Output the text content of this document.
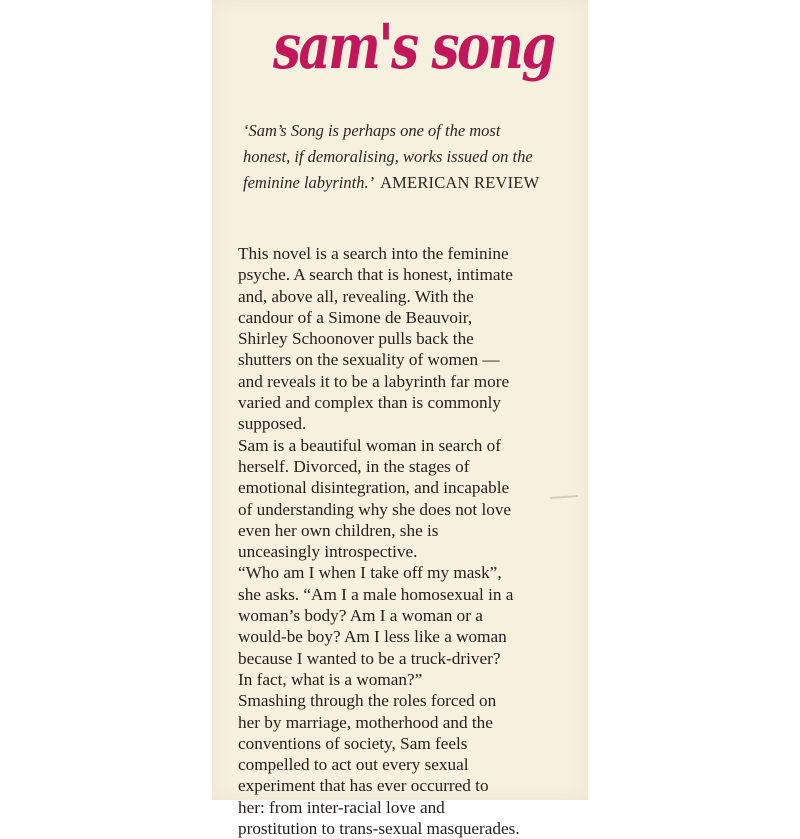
sam's song
‘Sam’s Song is perhaps one of the most
honest, if demoralising, works issued on the
feminine labyrinth.’ AMERICAN REVIEW
This novel is a search into the feminine
psyche. A search that is honest, intimate
and, above all, revealing. With the
candour of a Simone de Beauvoir,
Shirley Schoonover pulls back the
shutters on the sexuality of women —
and reveals it to be a labyrinth far more
varied and complex than is commonly
supposed.
Sam is a beautiful woman in search of
herself. Divorced, in the stages of
emotional disintegration, and incapable
of understanding why she does not love
even her own children, she is
unceasingly introspective.
“Who am I when I take off my mask”,
she asks. “Am I a male homosexual in a
woman’s body? Am I a woman or a
would-be boy? Am I less like a woman
because I wanted to be a truck-driver?
In fact, what is a woman?”
Smashing through the roles forced on
her by marriage, motherhood and the
conventions of society, Sam feels
compelled to act out every sexual
experiment that has ever occurred to
her: from inter-racial love and
prostitution to trans-sexual masquerades.
